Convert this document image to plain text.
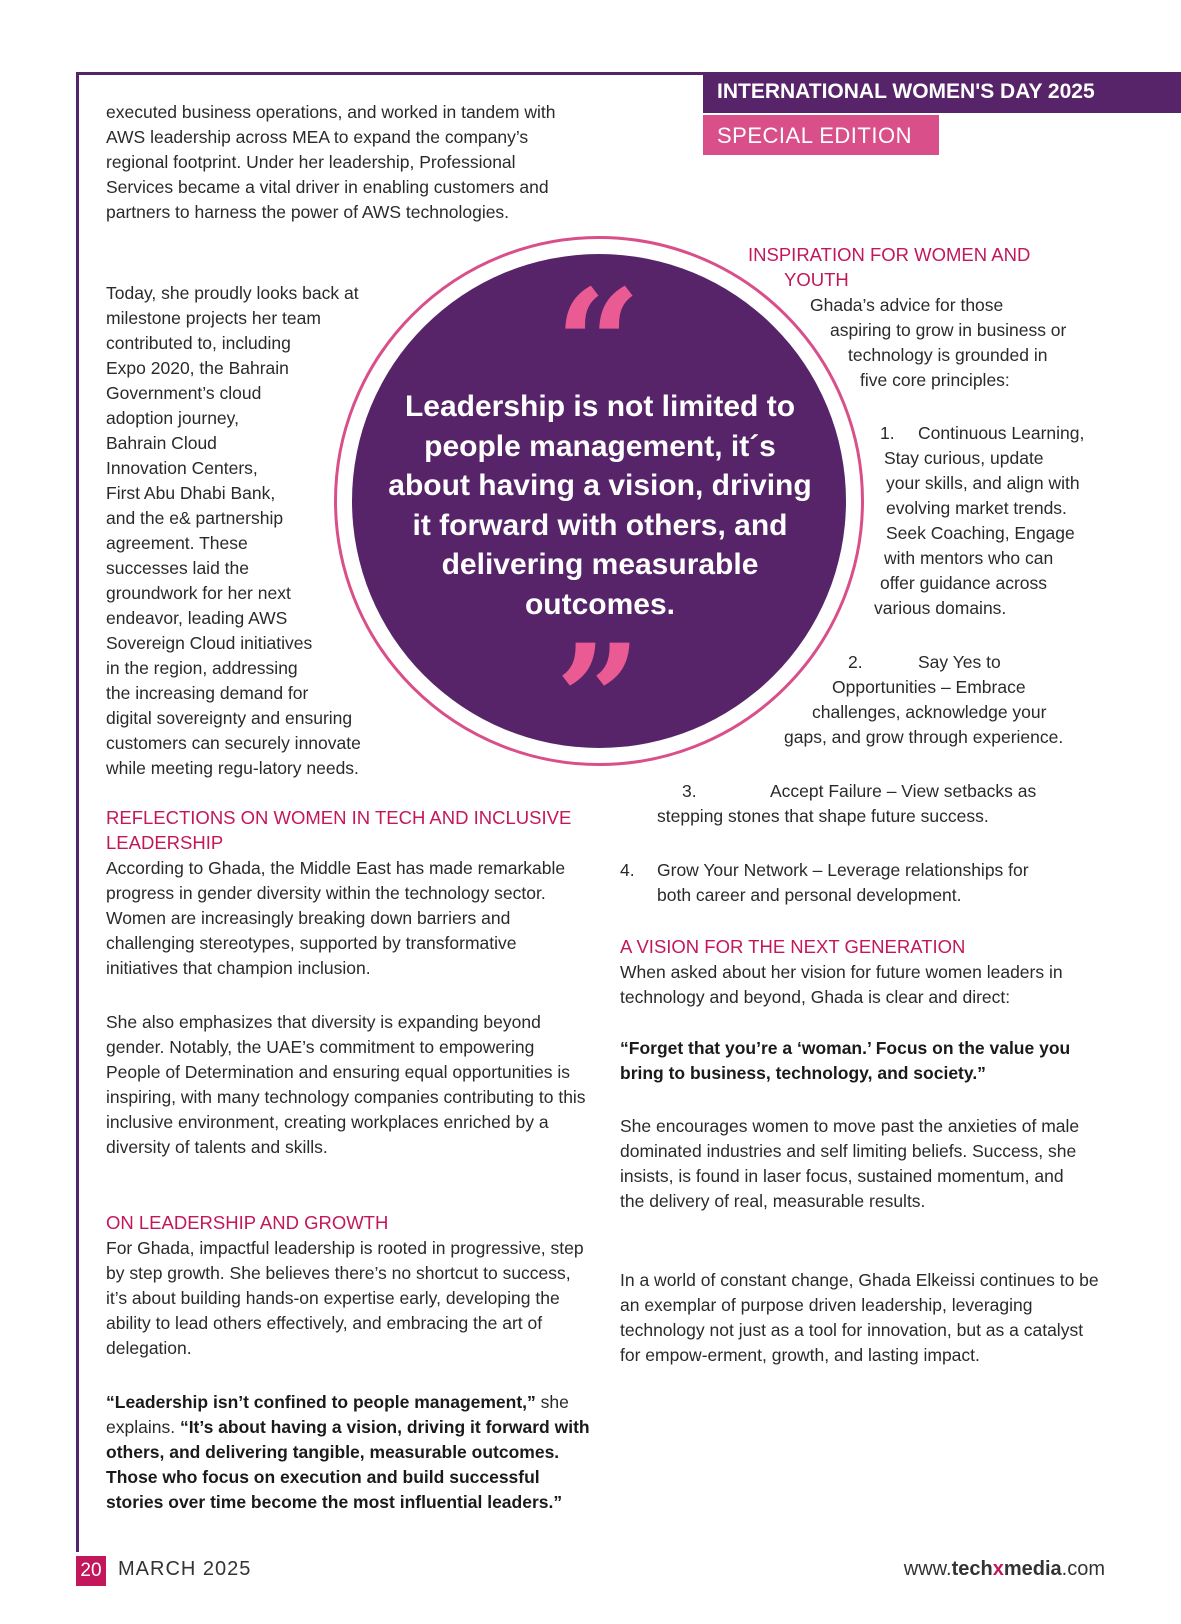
INTERNATIONAL WOMEN'S DAY 2025
SPECIAL EDITION

executed business operations, and worked in tandem with AWS leadership across MEA to expand the company’s regional footprint. Under her leadership, Professional Services became a vital driver in enabling customers and partners to harness the power of AWS technologies.

Today, she proudly looks back at
milestone projects her team
contributed to, including
Expo 2020, the Bahrain
Government’s cloud
adoption journey,
Bahrain Cloud
Innovation Centers,
First Abu Dhabi Bank,
and the e& partnership
agreement. These
successes laid the
groundwork for her next
endeavor, leading AWS
Sovereign Cloud initiatives
in the region, addressing
the increasing demand for
digital sovereignty and ensuring
customers can securely innovate
while meeting regu-latory needs.
“

Leadership is not limited to people management, it´s about having a vision, driving it forward with others, and delivering measurable outcomes.

”
REFLECTIONS ON WOMEN IN TECH AND INCLUSIVE LEADERSHIP

According to Ghada, the Middle East has made remarkable progress in gender diversity within the technology sector. Women are increasingly breaking down barriers and challenging stereotypes, supported by transformative initiatives that champion inclusion.

She also emphasizes that diversity is expanding beyond gender. Notably, the UAE’s commitment to empowering People of Determination and ensuring equal opportunities is inspiring, with many technology companies contributing to this inclusive environment, creating workplaces enriched by a diversity of talents and skills.

ON LEADERSHIP AND GROWTH

For Ghada, impactful leadership is rooted in progressive, step by step growth. She believes there’s no shortcut to success, it’s about building hands-on expertise early, developing the ability to lead others effectively, and embracing the art of delegation.

“Leadership isn’t confined to people management,” she explains. “It’s about having a vision, driving it forward with others, and delivering tangible, measurable outcomes. Those who focus on execution and build successful stories over time become the most influential leaders.”

INSPIRATION FOR WOMEN AND
YOUTH
Ghada’s advice for those
aspiring to grow in business or
technology is grounded in
five core principles:
1. Continuous Learning,
Stay curious, update
your skills, and align with
evolving market trends.
Seek Coaching, Engage
with mentors who can
offer guidance across
various domains.
2.	Say Yes to
Opportunities – Embrace
challenges, acknowledge your
gaps, and grow through experience.
3.	Accept Failure – View setbacks as
stepping stones that shape future success.
4. Grow Your Network – Leverage relationships for
both career and personal development.
A VISION FOR THE NEXT GENERATION

When asked about her vision for future women leaders in technology and beyond, Ghada is clear and direct:

“Forget that you’re a ‘woman.’ Focus on the value you bring to business, technology, and society.”

She encourages women to move past the anxieties of male dominated industries and self limiting beliefs. Success, she insists, is found in laser focus, sustained momentum, and the delivery of real, measurable results.

In a world of constant change, Ghada Elkeissi continues to be an exemplar of purpose driven leadership, leveraging technology not just as a tool for innovation, but as a catalyst for empow-erment, growth, and lasting impact.

20 MARCH 2025	www.techxmedia.com
